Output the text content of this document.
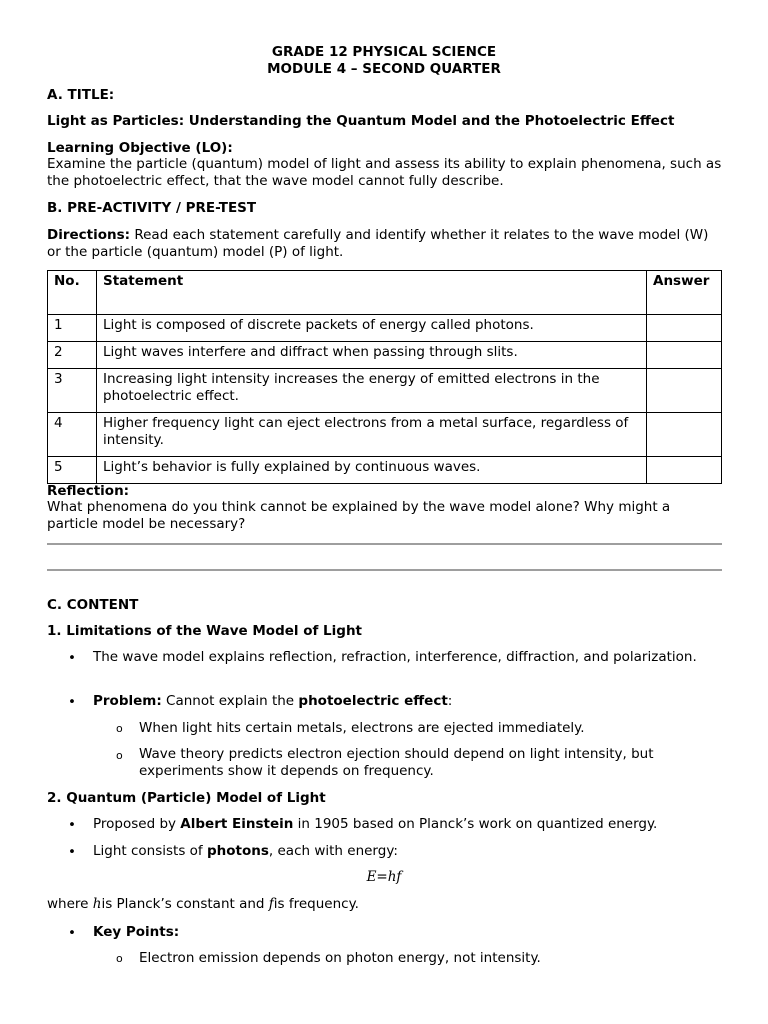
GRADE 12 PHYSICAL SCIENCE
MODULE 4 – SECOND QUARTER
A. TITLE:
Light as Particles: Understanding the Quantum Model and the Photoelectric Effect
Learning Objective (LO):
Examine the particle (quantum) model of light and assess its ability to explain phenomena, such as the photoelectric effect, that the wave model cannot fully describe.
B. PRE-ACTIVITY / PRE-TEST
Directions: Read each statement carefully and identify whether it relates to the wave model (W) or the particle (quantum) model (P) of light.
No.	Statement	Answer
1	Light is composed of discrete packets of energy called photons.	
2	Light waves interfere and diffract when passing through slits.	
3	Increasing light intensity increases the energy of emitted electrons in the photoelectric effect.	
4	Higher frequency light can eject electrons from a metal surface, regardless of intensity.	
5	Light’s behavior is fully explained by continuous waves.	
Reflection:
What phenomena do you think cannot be explained by the wave model alone? Why might a particle model be necessary?
C. CONTENT
1. Limitations of the Wave Model of Light
•	The wave model explains reflection, refraction, interference, diffraction, and polarization.
•	Problem: Cannot explain the photoelectric effect:
o	When light hits certain metals, electrons are ejected immediately.
o	Wave theory predicts electron ejection should depend on light intensity, but experiments show it depends on frequency.
2. Quantum (Particle) Model of Light
•	Proposed by Albert Einstein in 1905 based on Planck’s work on quantized energy.
•	Light consists of photons, each with energy:
E=hf
where his Planck’s constant and fis frequency.
•	Key Points:
o	Electron emission depends on photon energy, not intensity.
